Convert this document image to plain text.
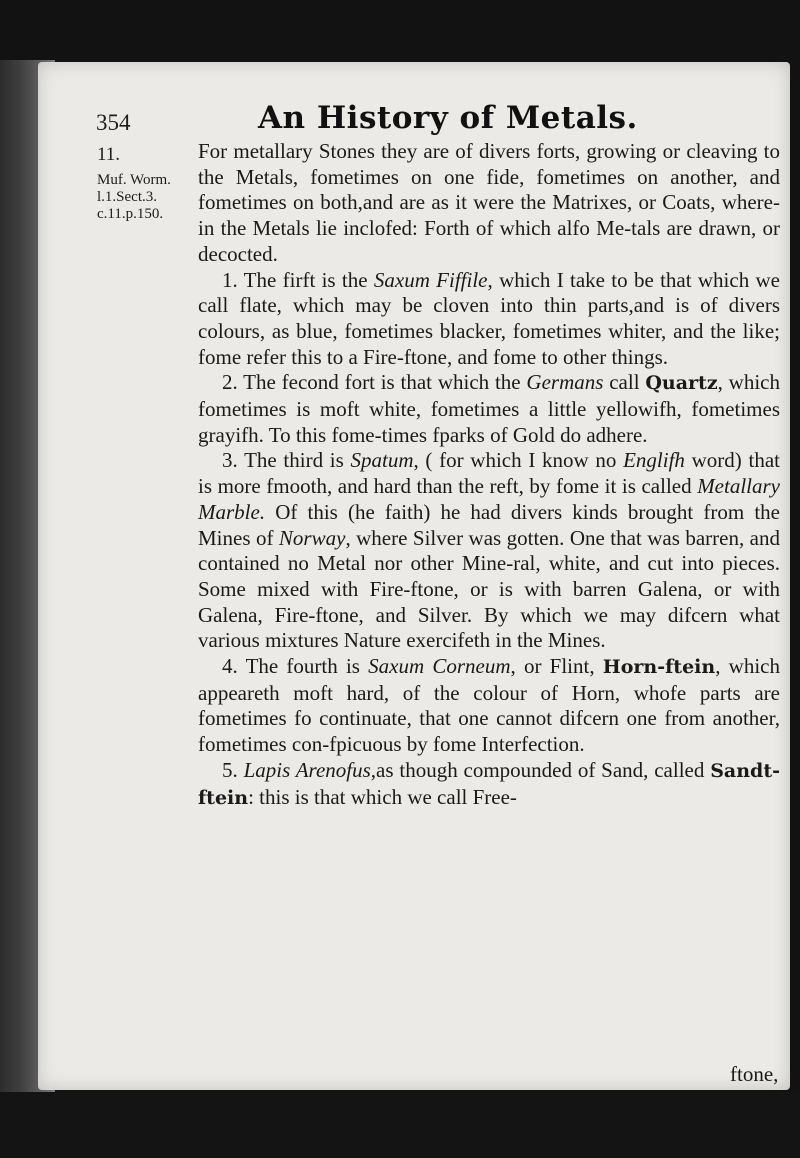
354	An History of Metals.
11.
Muf. Worm.
l.1.Sect.3.
c.11.p.150.

For metallary Stones they are of divers forts, growing or cleaving to the Metals, fometimes on one fide, fometimes on another, and fometimes on both,and are as it were the Matrixes, or Coats, where-in the Metals lie inclofed: Forth of which alfo Me-tals are drawn, or decocted.

1. The firft is the Saxum Fiffile, which I take to be that which we call flate, which may be cloven into thin parts,and is of divers colours, as blue, fometimes blacker, fometimes whiter, and the like; fome refer this to a Fire-ftone, and fome to other things.

2. The fecond fort is that which the Germans call Quartz, which fometimes is moft white, fometimes a little yellowifh, fometimes grayifh. To this fome-times fparks of Gold do adhere.

3. The third is Spatum, ( for which I know no Englifh word) that is more fmooth, and hard than the reft, by fome it is called Metallary Marble. Of this (he faith) he had divers kinds brought from the Mines of Norway, where Silver was gotten. One that was barren, and contained no Metal nor other Mine-ral, white, and cut into pieces. Some mixed with Fire-ftone, or is with barren Galena, or with Galena, Fire-ftone, and Silver. By which we may difcern what various mixtures Nature exercifeth in the Mines.

4. The fourth is Saxum Corneum, or Flint, Horn-ftein, which appeareth moft hard, of the colour of Horn, whofe parts are fometimes fo continuate, that one cannot difcern one from another, fometimes con-fpicuous by fome Interfection.

5. Lapis Arenofus,as though compounded of Sand, called Sandt-ftein: this is that which we call Free-

ftone,
